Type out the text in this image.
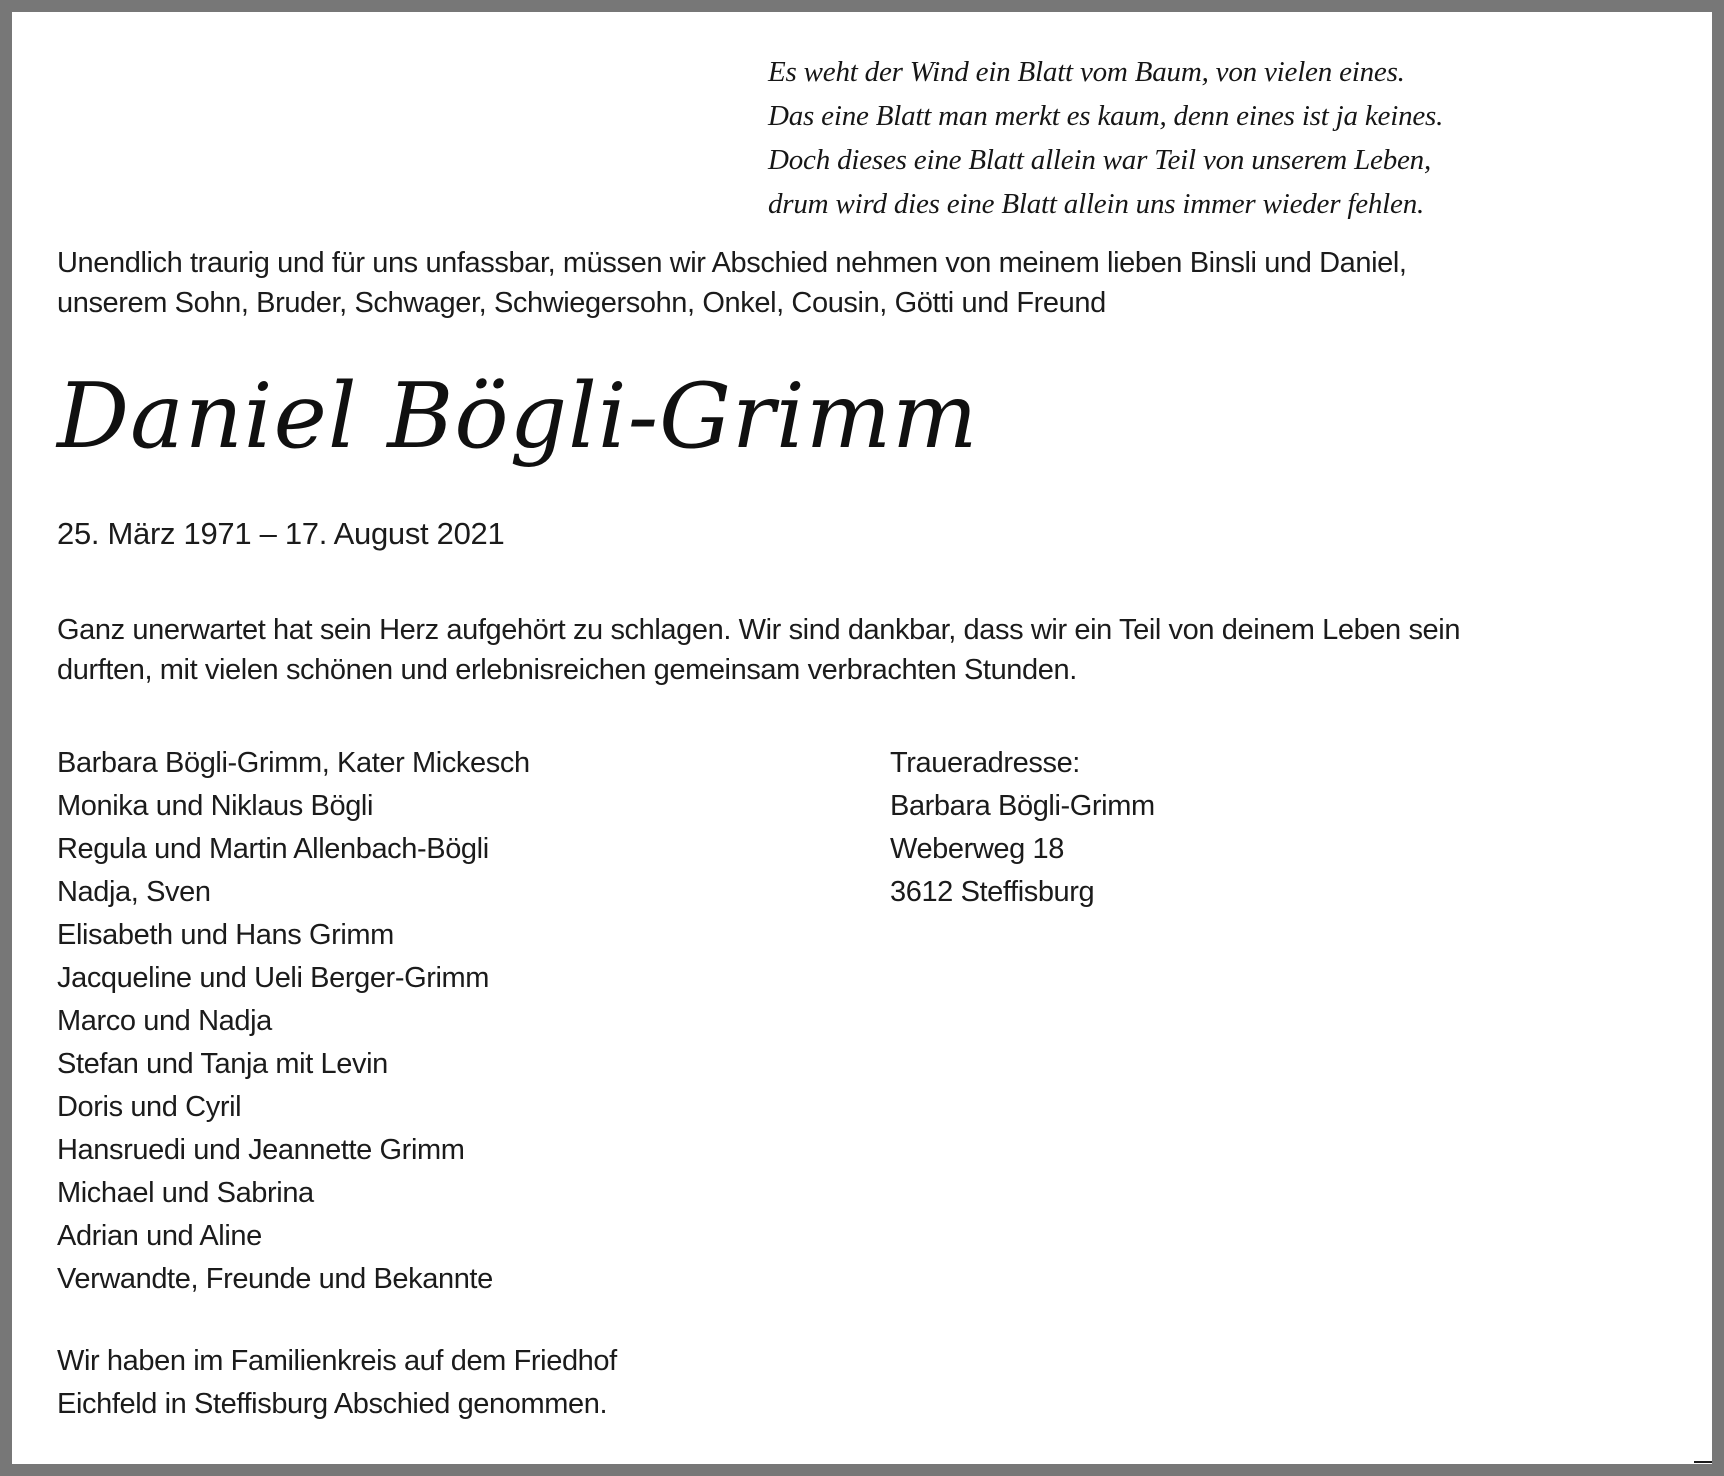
Es weht der Wind ein Blatt vom Baum, von vielen eines.
Das eine Blatt man merkt es kaum, denn eines ist ja keines.
Doch dieses eine Blatt allein war Teil von unserem Leben,
drum wird dies eine Blatt allein uns immer wieder fehlen.
Unendlich traurig und für uns unfassbar, müssen wir Abschied nehmen von meinem lieben Binsli und Daniel,
unserem Sohn, Bruder, Schwager, Schwiegersohn, Onkel, Cousin, Götti und Freund
Daniel Bögli-Grimm
25. März 1971 – 17. August 2021
Ganz unerwartet hat sein Herz aufgehört zu schlagen. Wir sind dankbar, dass wir ein Teil von deinem Leben sein
durften, mit vielen schönen und erlebnisreichen gemeinsam verbrachten Stunden.
Barbara Bögli-Grimm, Kater Mickesch
Monika und Niklaus Bögli
Regula und Martin Allenbach-Bögli
Nadja, Sven
Elisabeth und Hans Grimm
Jacqueline und Ueli Berger-Grimm
Marco und Nadja
Stefan und Tanja mit Levin
Doris und Cyril
Hansruedi und Jeannette Grimm
Michael und Sabrina
Adrian und Aline
Verwandte, Freunde und Bekannte
Traueradresse:
Barbara Bögli-Grimm
Weberweg 18
3612 Steffisburg
Wir haben im Familienkreis auf dem Friedhof
Eichfeld in Steffisburg Abschied genommen.
